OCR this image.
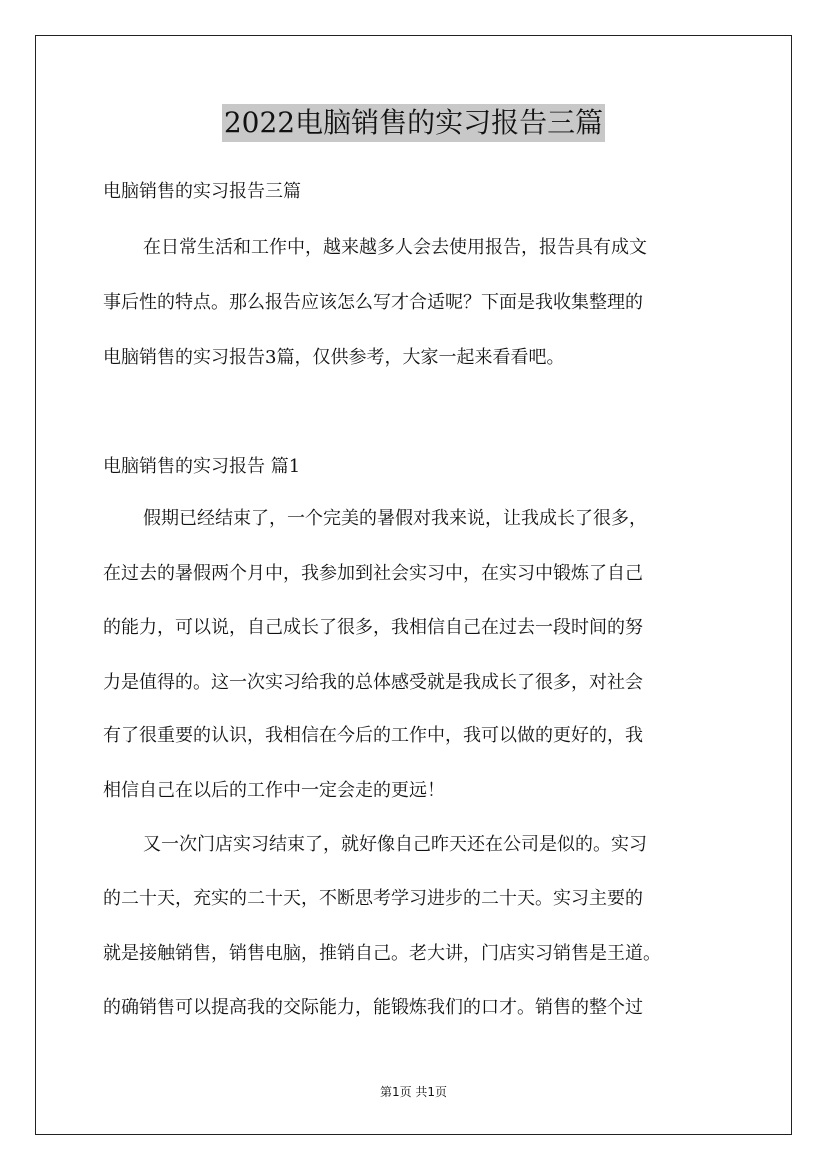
2022电脑销售的实习报告三篇
电脑销售的实习报告三篇
在日常生活和工作中，越来越多人会去使用报告，报告具有成文
事后性的特点。那么报告应该怎么写才合适呢？下面是我收集整理的
电脑销售的实习报告3篇，仅供参考，大家一起来看看吧。
电脑销售的实习报告 篇1
假期已经结束了，一个完美的暑假对我来说，让我成长了很多，
在过去的暑假两个月中，我参加到社会实习中，在实习中锻炼了自己
的能力，可以说，自己成长了很多，我相信自己在过去一段时间的努
力是值得的。这一次实习给我的总体感受就是我成长了很多，对社会
有了很重要的认识，我相信在今后的工作中，我可以做的更好的，我
相信自己在以后的工作中一定会走的更远！
又一次门店实习结束了，就好像自己昨天还在公司是似的。实习
的二十天，充实的二十天，不断思考学习进步的二十天。实习主要的
就是接触销售，销售电脑，推销自己。老大讲，门店实习销售是王道。
的确销售可以提高我的交际能力，能锻炼我们的口才。销售的整个过
第1页 共1页
